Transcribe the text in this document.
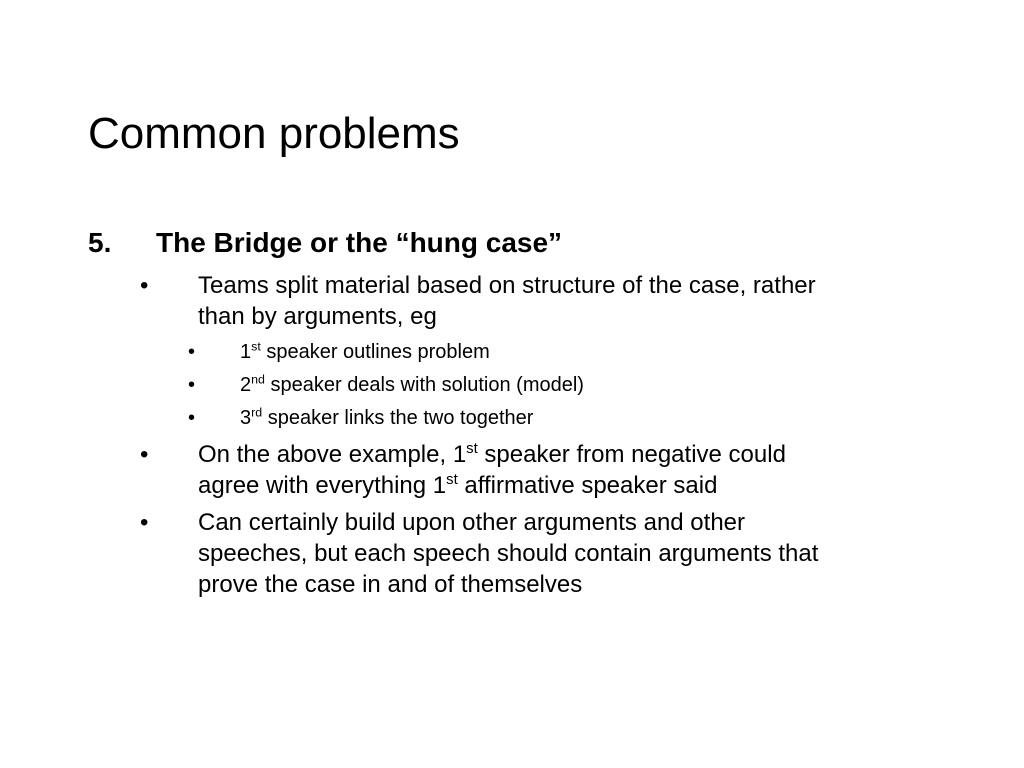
Common problems
5. The Bridge or the “hung case”
• Teams split material based on structure of the case, rather
than by arguments, eg
• 1st speaker outlines problem
• 2nd speaker deals with solution (model)
• 3rd speaker links the two together
• On the above example, 1st speaker from negative could
agree with everything 1st affirmative speaker said
• Can certainly build upon other arguments and other
speeches, but each speech should contain arguments that
prove the case in and of themselves
